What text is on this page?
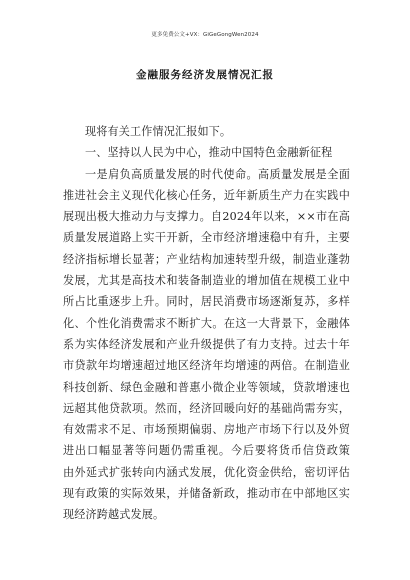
更多免费公文+VX：GiGeGongWen2024
金融服务经济发展情况汇报
现将有关工作情况汇报如下。
一、坚持以人民为中心，推动中国特色金融新征程
一是肩负高质量发展的时代使命。高质量发展是全面
推进社会主义现代化核心任务，近年新质生产力在实践中
展现出极大推动力与支撑力。自2024年以来，××市在高
质量发展道路上实干开新，全市经济增速稳中有升，主要
经济指标增长显著；产业结构加速转型升级，制造业蓬勃
发展，尤其是高技术和装备制造业的增加值在规模工业中
所占比重逐步上升。同时，居民消费市场逐渐复苏，多样
化、个性化消费需求不断扩大。在这一大背景下，金融体
系为实体经济发展和产业升级提供了有力支持。过去十年
市贷款年均增速超过地区经济年均增速的两倍。在制造业
科技创新、绿色金融和普惠小微企业等领域，贷款增速也
远超其他贷款项。然而，经济回暖向好的基础尚需夯实，
有效需求不足、市场预期偏弱、房地产市场下行以及外贸
进出口幅显著等问题仍需重视。今后要将货币信贷政策
由外延式扩张转向内涵式发展，优化资金供给，密切评估
现有政策的实际效果，并储备新政，推动市在中部地区实
现经济跨越式发展。
